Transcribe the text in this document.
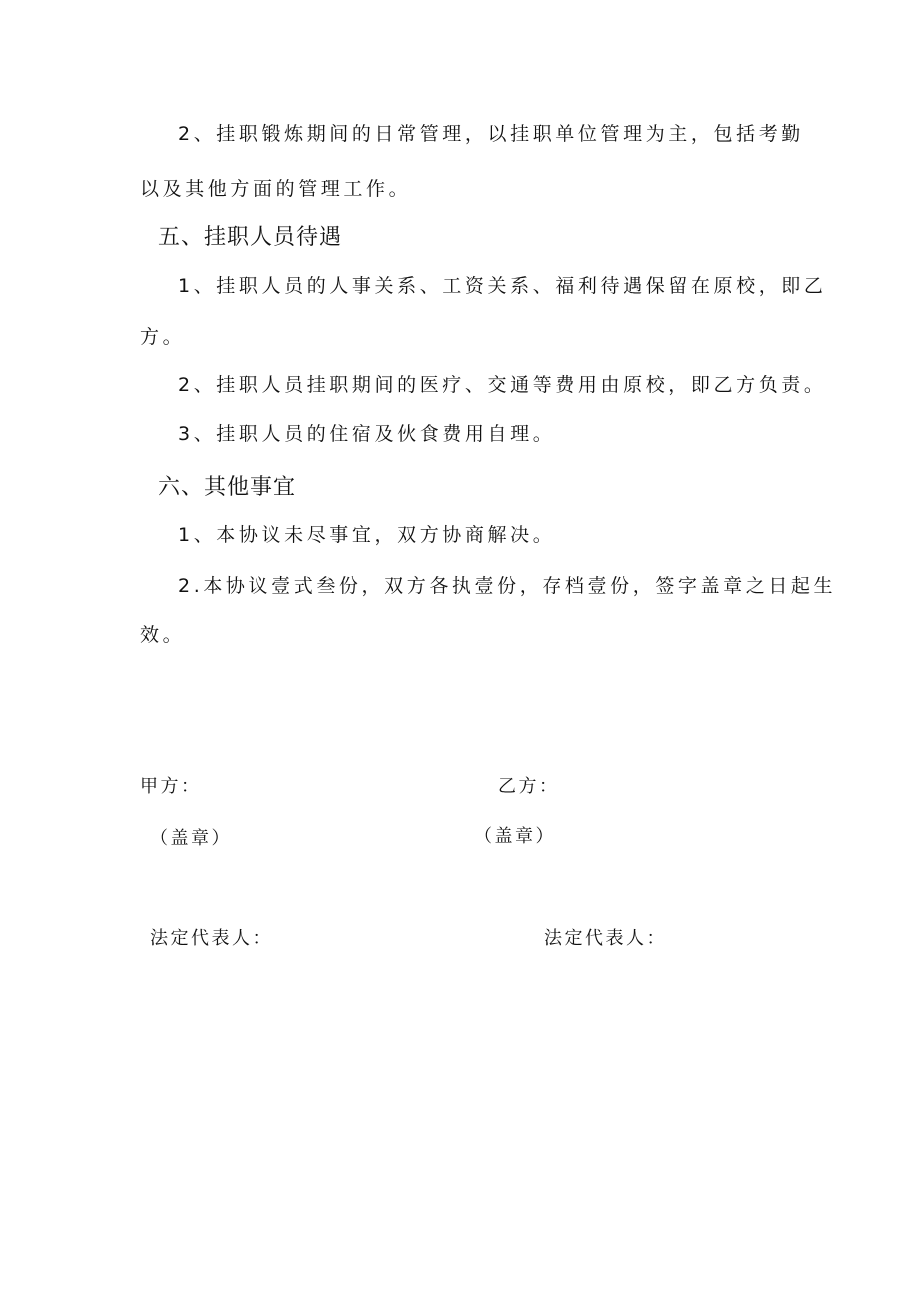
2、挂职锻炼期间的日常管理，以挂职单位管理为主，包括考勤
以及其他方面的管理工作。
五、挂职人员待遇
1、挂职人员的人事关系、工资关系、福利待遇保留在原校，即乙
方。
2、挂职人员挂职期间的医疗、交通等费用由原校，即乙方负责。
3、挂职人员的住宿及伙食费用自理。
六、其他事宜
1、本协议未尽事宜，双方协商解决。
2.本协议壹式叁份，双方各执壹份，存档壹份，签字盖章之日起生
效。
甲方：	乙方：
（盖章）	（盖章）
法定代表人：	法定代表人：
